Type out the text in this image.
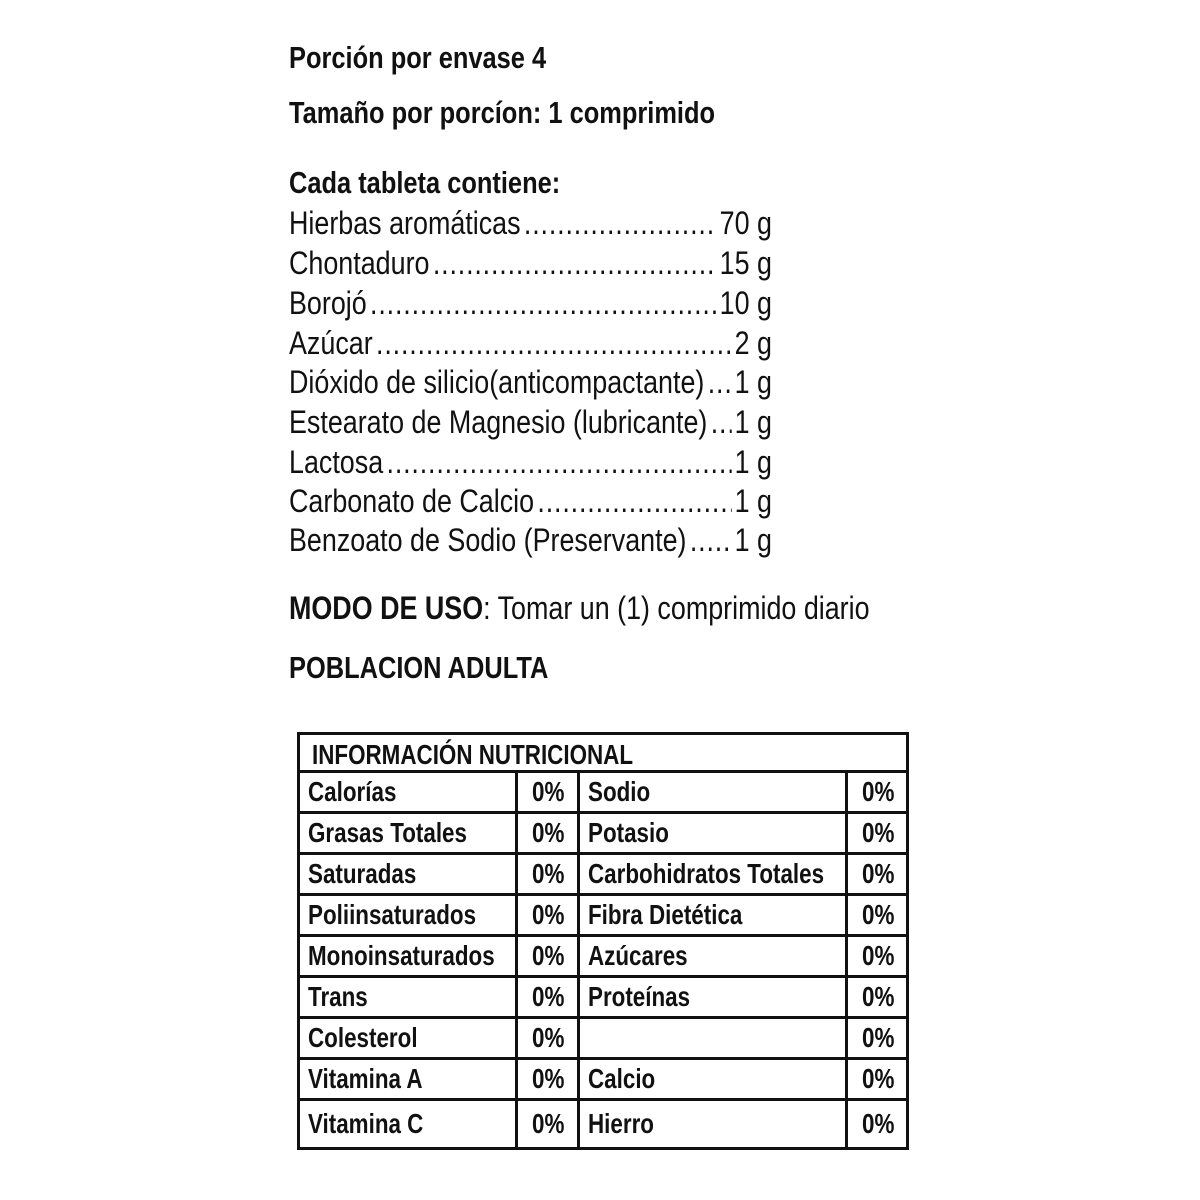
Porción por envase 4
Tamaño por porcíon: 1 comprimido
Cada tableta contiene:
Hierbas aromáticas .....	70 g
Chontaduro .....	15 g
Borojó .....	10 g
Azúcar .....	2 g
Dióxido de silicio(anticompactante) ..... 1 g
Estearato de Magnesio (lubricante) ..... 1 g
Lactosa .....	1 g
Carbonato de Calcio .....	1 g
Benzoato de Sodio (Preservante) ..... 1 g
MODO DE USO: Tomar un (1) comprimido diario
POBLACION ADULTA
INFORMACIÓN NUTRICIONAL
Calorías	0% Sodio	0%
Grasas Totales 0% Potasio	0%
Saturadas	0% Carbohidratos Totales 0%
Poliinsaturados 0% Fibra Dietética	0%
Monoinsaturados 0% Azúcares	0%
Trans	0% Proteínas	0%
Colesterol	0%	0%
Vitamina A	0% Calcio	0%
Vitamina C	0% Hierro	0%
